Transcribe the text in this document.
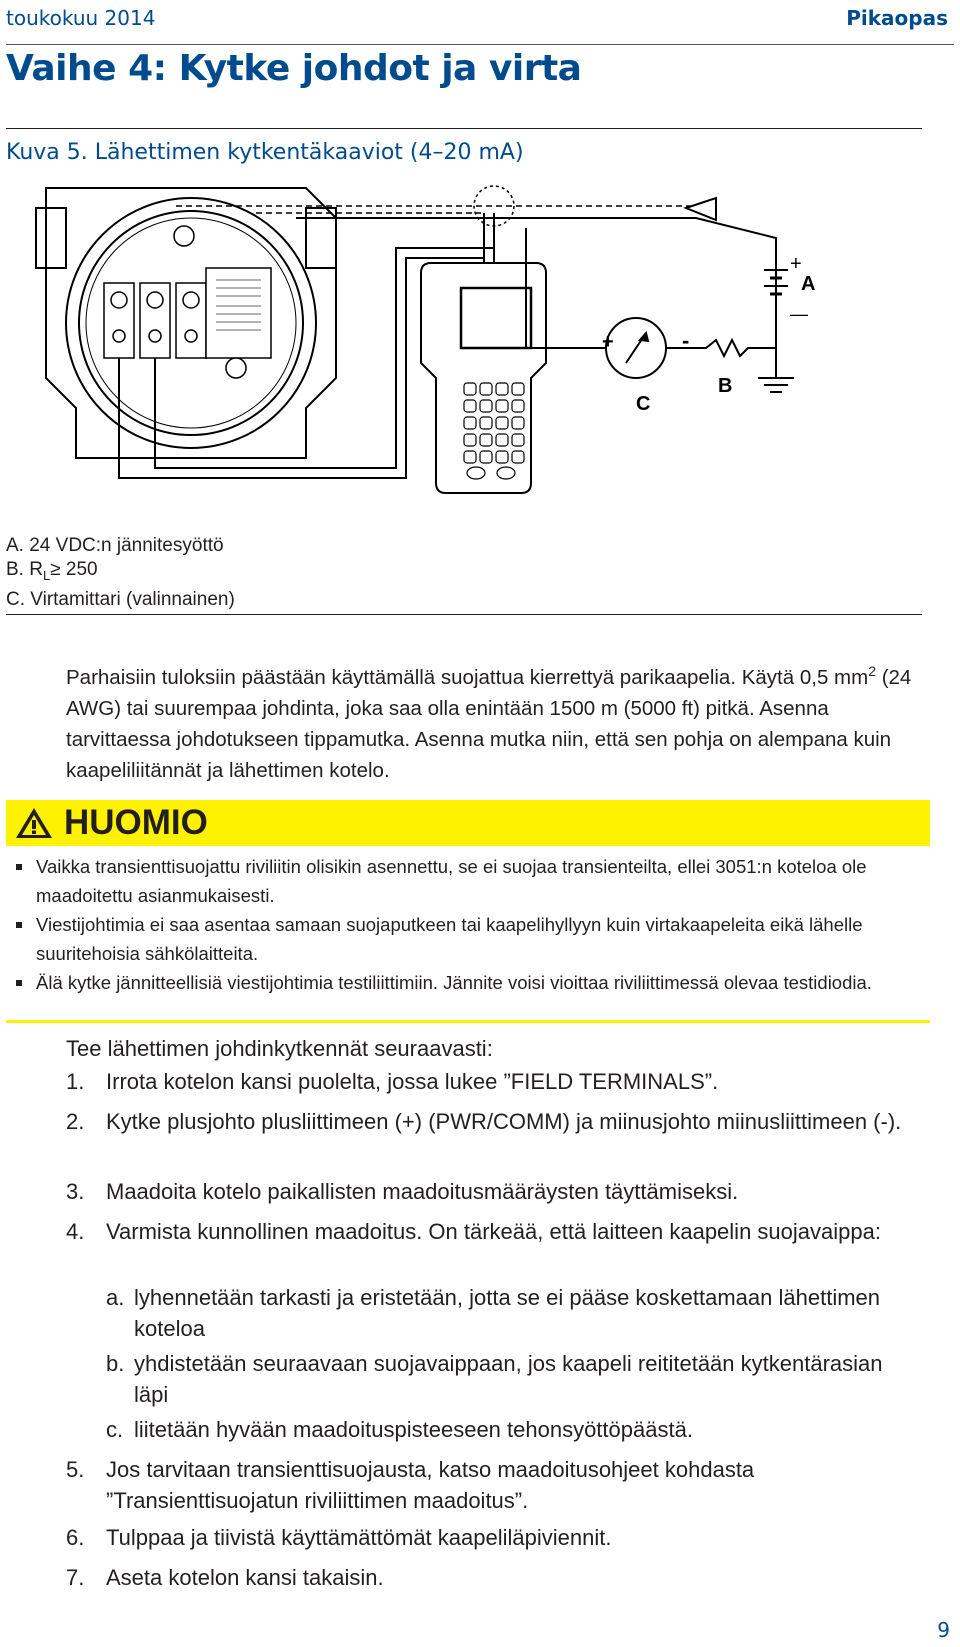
toukokuu 2014	Pikaopas
Vaihe 4: Kytke johdot ja virta
Kuva 5. Lähettimen kytkentäkaaviot (4–20 mA)
A
+
—
B
C
+	-
A. 24 VDC:n jännitesyöttö
B. $R_L\ge 250$
C. Virtamittari (valinnainen)
Parhaisiin tuloksiin päästään käyttämällä suojattua kierrettyä parikaapelia. Käytä 0,5 $mm^2$ (24 AWG) tai suurempaa johdinta, joka saa olla enintään 1500 m (5000 ft) pitkä. Asenna tarvittaessa johdotukseen tippamutka. Asenna mutka niin, että sen pohja on alempana kuin kaapeliliitännät ja lähettimen kotelo.
HUOMIO
Vaikka transienttisuojattu riviliitin olisikin asennettu, se ei suojaa transienteilta, ellei 3051:n koteloa ole maadoitettu asianmukaisesti.
Viestijohtimia ei saa asentaa samaan suojaputkeen tai kaapelihyllyyn kuin virtakaapeleita eikä lähelle suuritehoisia sähkölaitteita.
Älä kytke jännitteellisiä viestijohtimia testiliittimiin. Jännite voisi vioittaa riviliittimessä olevaa testidiodia.
Tee lähettimen johdinkytkennät seuraavasti:
1. Irrota kotelon kansi puolelta, jossa lukee ”FIELD TERMINALS”.
2. Kytke plusjohto plusliittimeen (+) (PWR/COMM) ja miinusjohto miinusliittimeen (-).
3. Maadoita kotelo paikallisten maadoitusmääräysten täyttämiseksi.
4. Varmista kunnollinen maadoitus. On tärkeää, että laitteen kaapelin suojavaippa:
a. lyhennetään tarkasti ja eristetään, jotta se ei pääse koskettamaan lähettimen koteloa
b. yhdistetään seuraavaan suojavaippaan, jos kaapeli reititetään kytkentärasian läpi
c. liitetään hyvään maadoituspisteeseen tehonsyöttöpäästä.
5. Jos tarvitaan transienttisuojausta, katso maadoitusohjeet kohdasta ”Transienttisuojatun riviliittimen maadoitus”.
6. Tulppaa ja tiivistä käyttämättömät kaapeliläpiviennit.
7. Aseta kotelon kansi takaisin.
9
